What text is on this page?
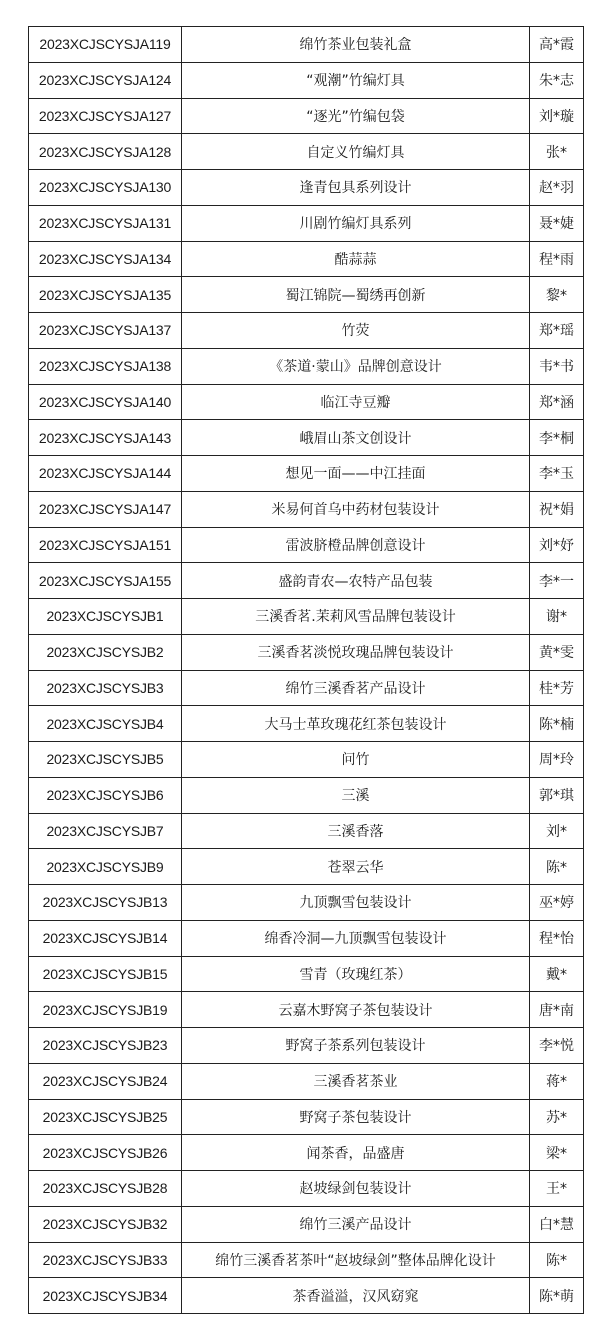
2023XCJSCYSJA119	绵竹茶业包装礼盒	高*霞
2023XCJSCYSJA124	“观潮”竹编灯具	朱*志
2023XCJSCYSJA127	“逐光”竹编包袋	刘*璇
2023XCJSCYSJA128	自定义竹编灯具	张*
2023XCJSCYSJA130	逢青包具系列设计	赵*羽
2023XCJSCYSJA131	川剧竹编灯具系列	聂*婕
2023XCJSCYSJA134	酷蒜蒜	程*雨
2023XCJSCYSJA135	蜀江锦院—蜀绣再创新	黎*
2023XCJSCYSJA137	竹荧	郑*瑶
2023XCJSCYSJA138	《茶道·蒙山》品牌创意设计	韦*书
2023XCJSCYSJA140	临江寺豆瓣	郑*涵
2023XCJSCYSJA143	峨眉山茶文创设计	李*桐
2023XCJSCYSJA144	想见一面——中江挂面	李*玉
2023XCJSCYSJA147	米易何首乌中药材包装设计	祝*娟
2023XCJSCYSJA151	雷波脐橙品牌创意设计	刘*妤
2023XCJSCYSJA155	盛韵青农—农特产品包装	李*一
2023XCJSCYSJB1	三溪香茗.茉莉风雪品牌包装设计	谢*
2023XCJSCYSJB2	三溪香茗淡悦玫瑰品牌包装设计	黄*雯
2023XCJSCYSJB3	绵竹三溪香茗产品设计	桂*芳
2023XCJSCYSJB4	大马士革玫瑰花红茶包装设计	陈*楠
2023XCJSCYSJB5	问竹	周*玲
2023XCJSCYSJB6	三溪	郭*琪
2023XCJSCYSJB7	三溪香落	刘*
2023XCJSCYSJB9	苍翠云华	陈*
2023XCJSCYSJB13	九顶飘雪包装设计	巫*婷
2023XCJSCYSJB14	绵香冷洞—九顶飘雪包装设计	程*怡
2023XCJSCYSJB15	雪青（玫瑰红茶）	戴*
2023XCJSCYSJB19	云嘉木野窝子茶包装设计	唐*南
2023XCJSCYSJB23	野窝子茶系列包装设计	李*悦
2023XCJSCYSJB24	三溪香茗茶业	蒋*
2023XCJSCYSJB25	野窝子茶包装设计	苏*
2023XCJSCYSJB26	闻茶香，品盛唐	梁*
2023XCJSCYSJB28	赵坡绿剑包装设计	王*
2023XCJSCYSJB32	绵竹三溪产品设计	白*慧
2023XCJSCYSJB33	绵竹三溪香茗茶叶“赵坡绿剑”整体品牌化设计	陈*
2023XCJSCYSJB34	茶香溢溢，汉风窈窕	陈*萌
